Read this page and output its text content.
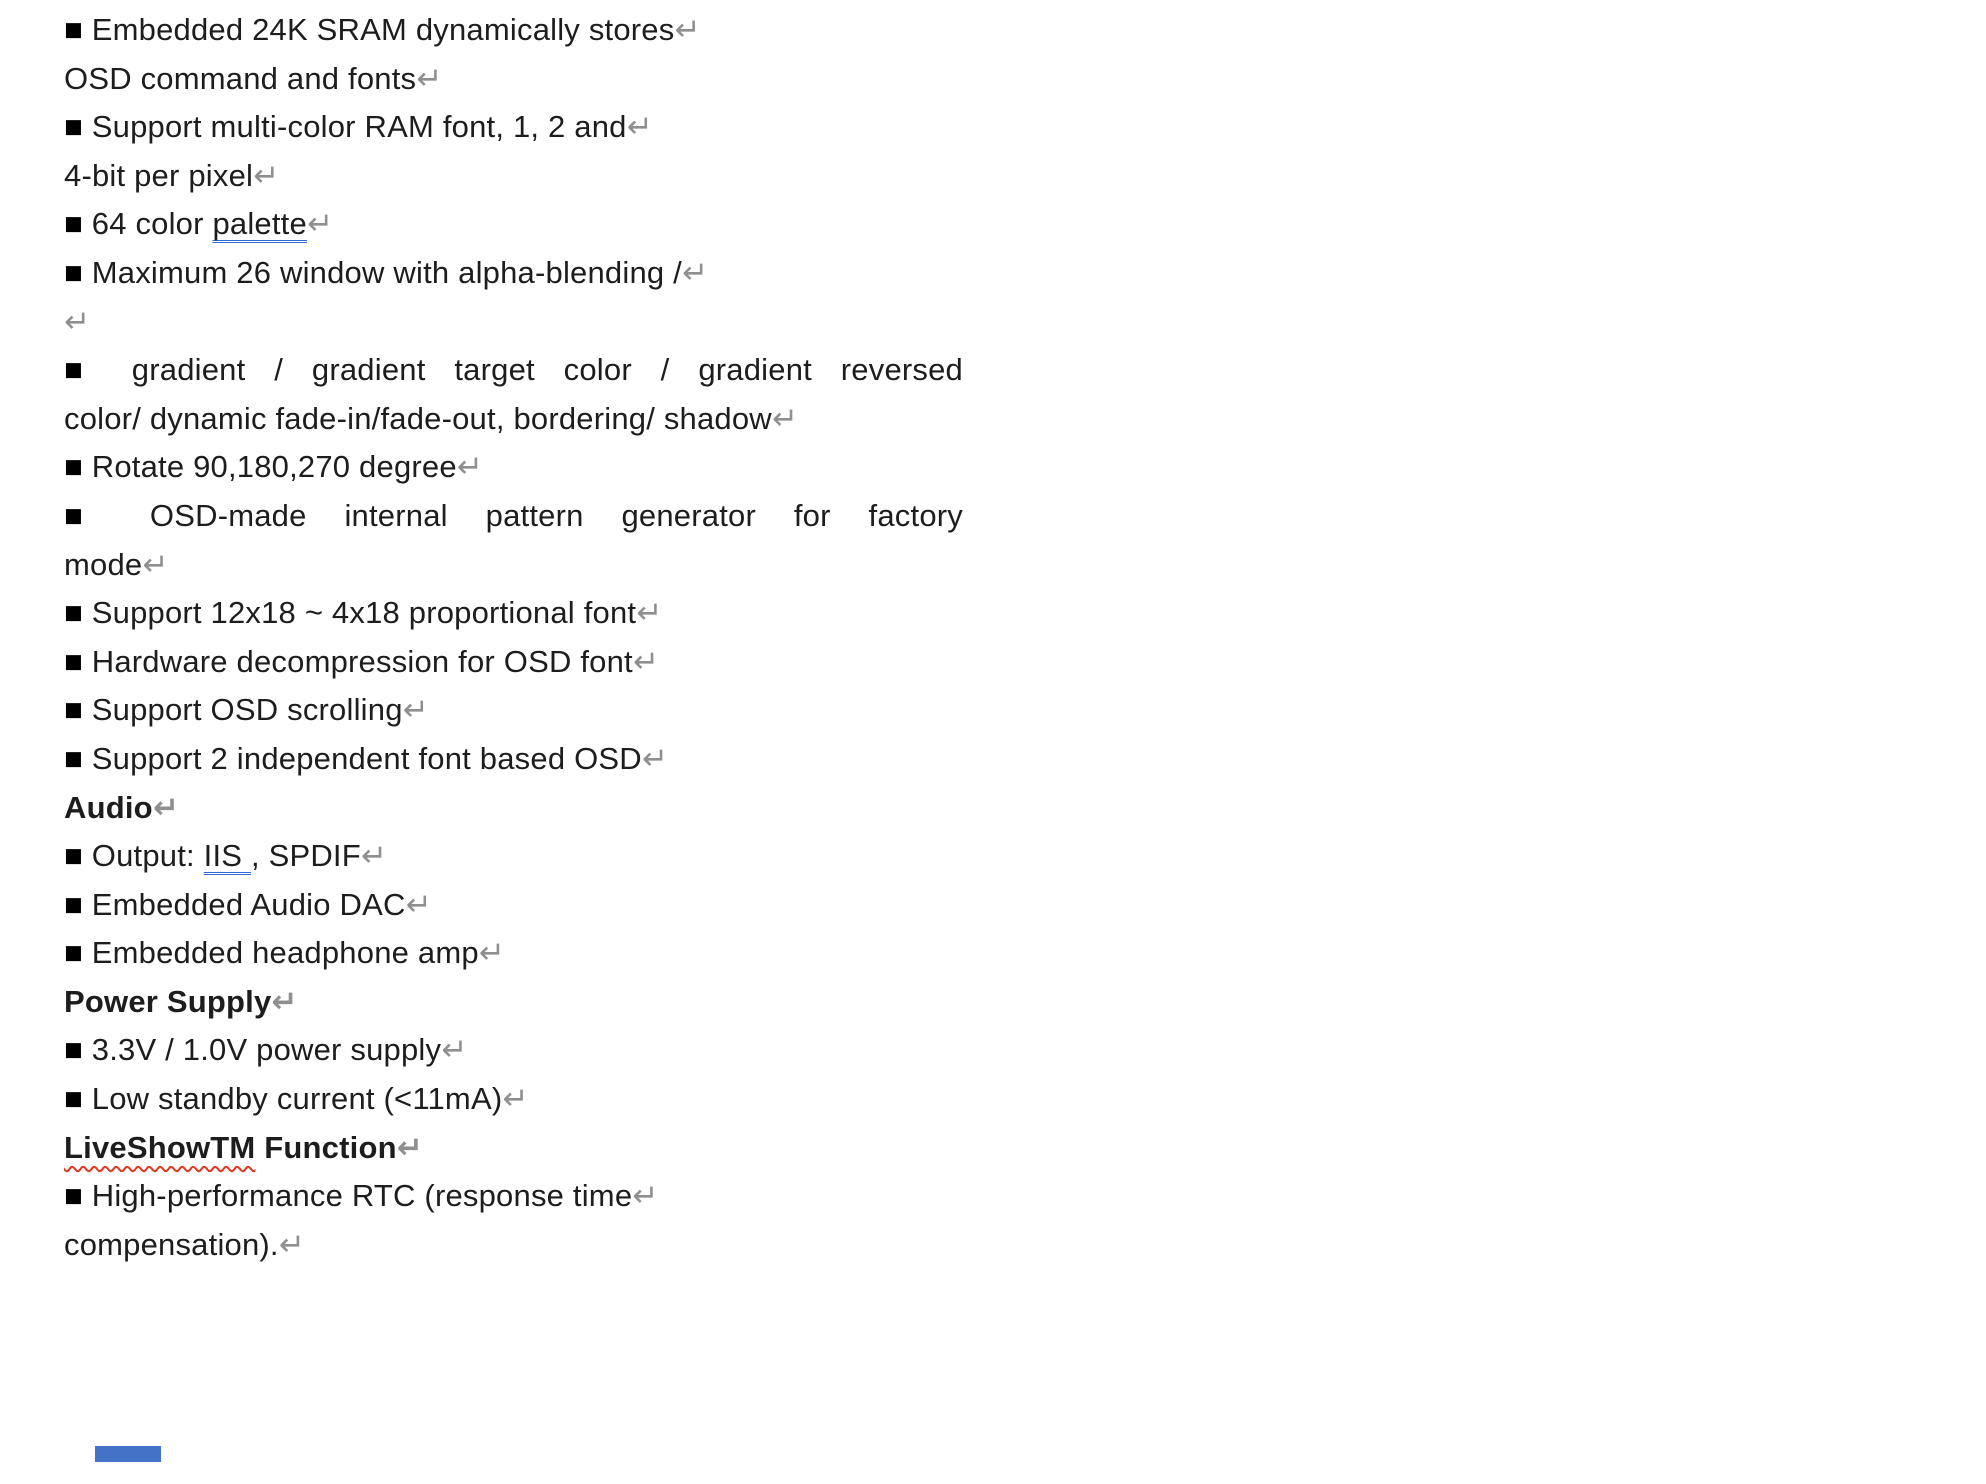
■ Embedded 24K SRAM dynamically stores↵
OSD command and fonts↵
■ Support multi-color RAM font, 1, 2 and↵
4-bit per pixel↵
■ 64 color palette↵
■ Maximum 26 window with alpha-blending /↵
↵
■ gradient / gradient target color / gradient reversed
color/ dynamic fade-in/fade-out, bordering/ shadow↵
■ Rotate 90,180,270 degree↵
■ OSD-made internal pattern generator for factory
mode↵
■ Support 12x18 ~ 4x18 proportional font↵
■ Hardware decompression for OSD font↵
■ Support OSD scrolling↵
■ Support 2 independent font based OSD↵
Audio↵
■ Output: IIS , SPDIF↵
■ Embedded Audio DAC↵
■ Embedded headphone amp↵
Power Supply↵
■ 3.3V / 1.0V power supply↵
■ Low standby current (<11mA)↵
LiveShowTM Function↵
■ High-performance RTC (response time↵
compensation).↵
